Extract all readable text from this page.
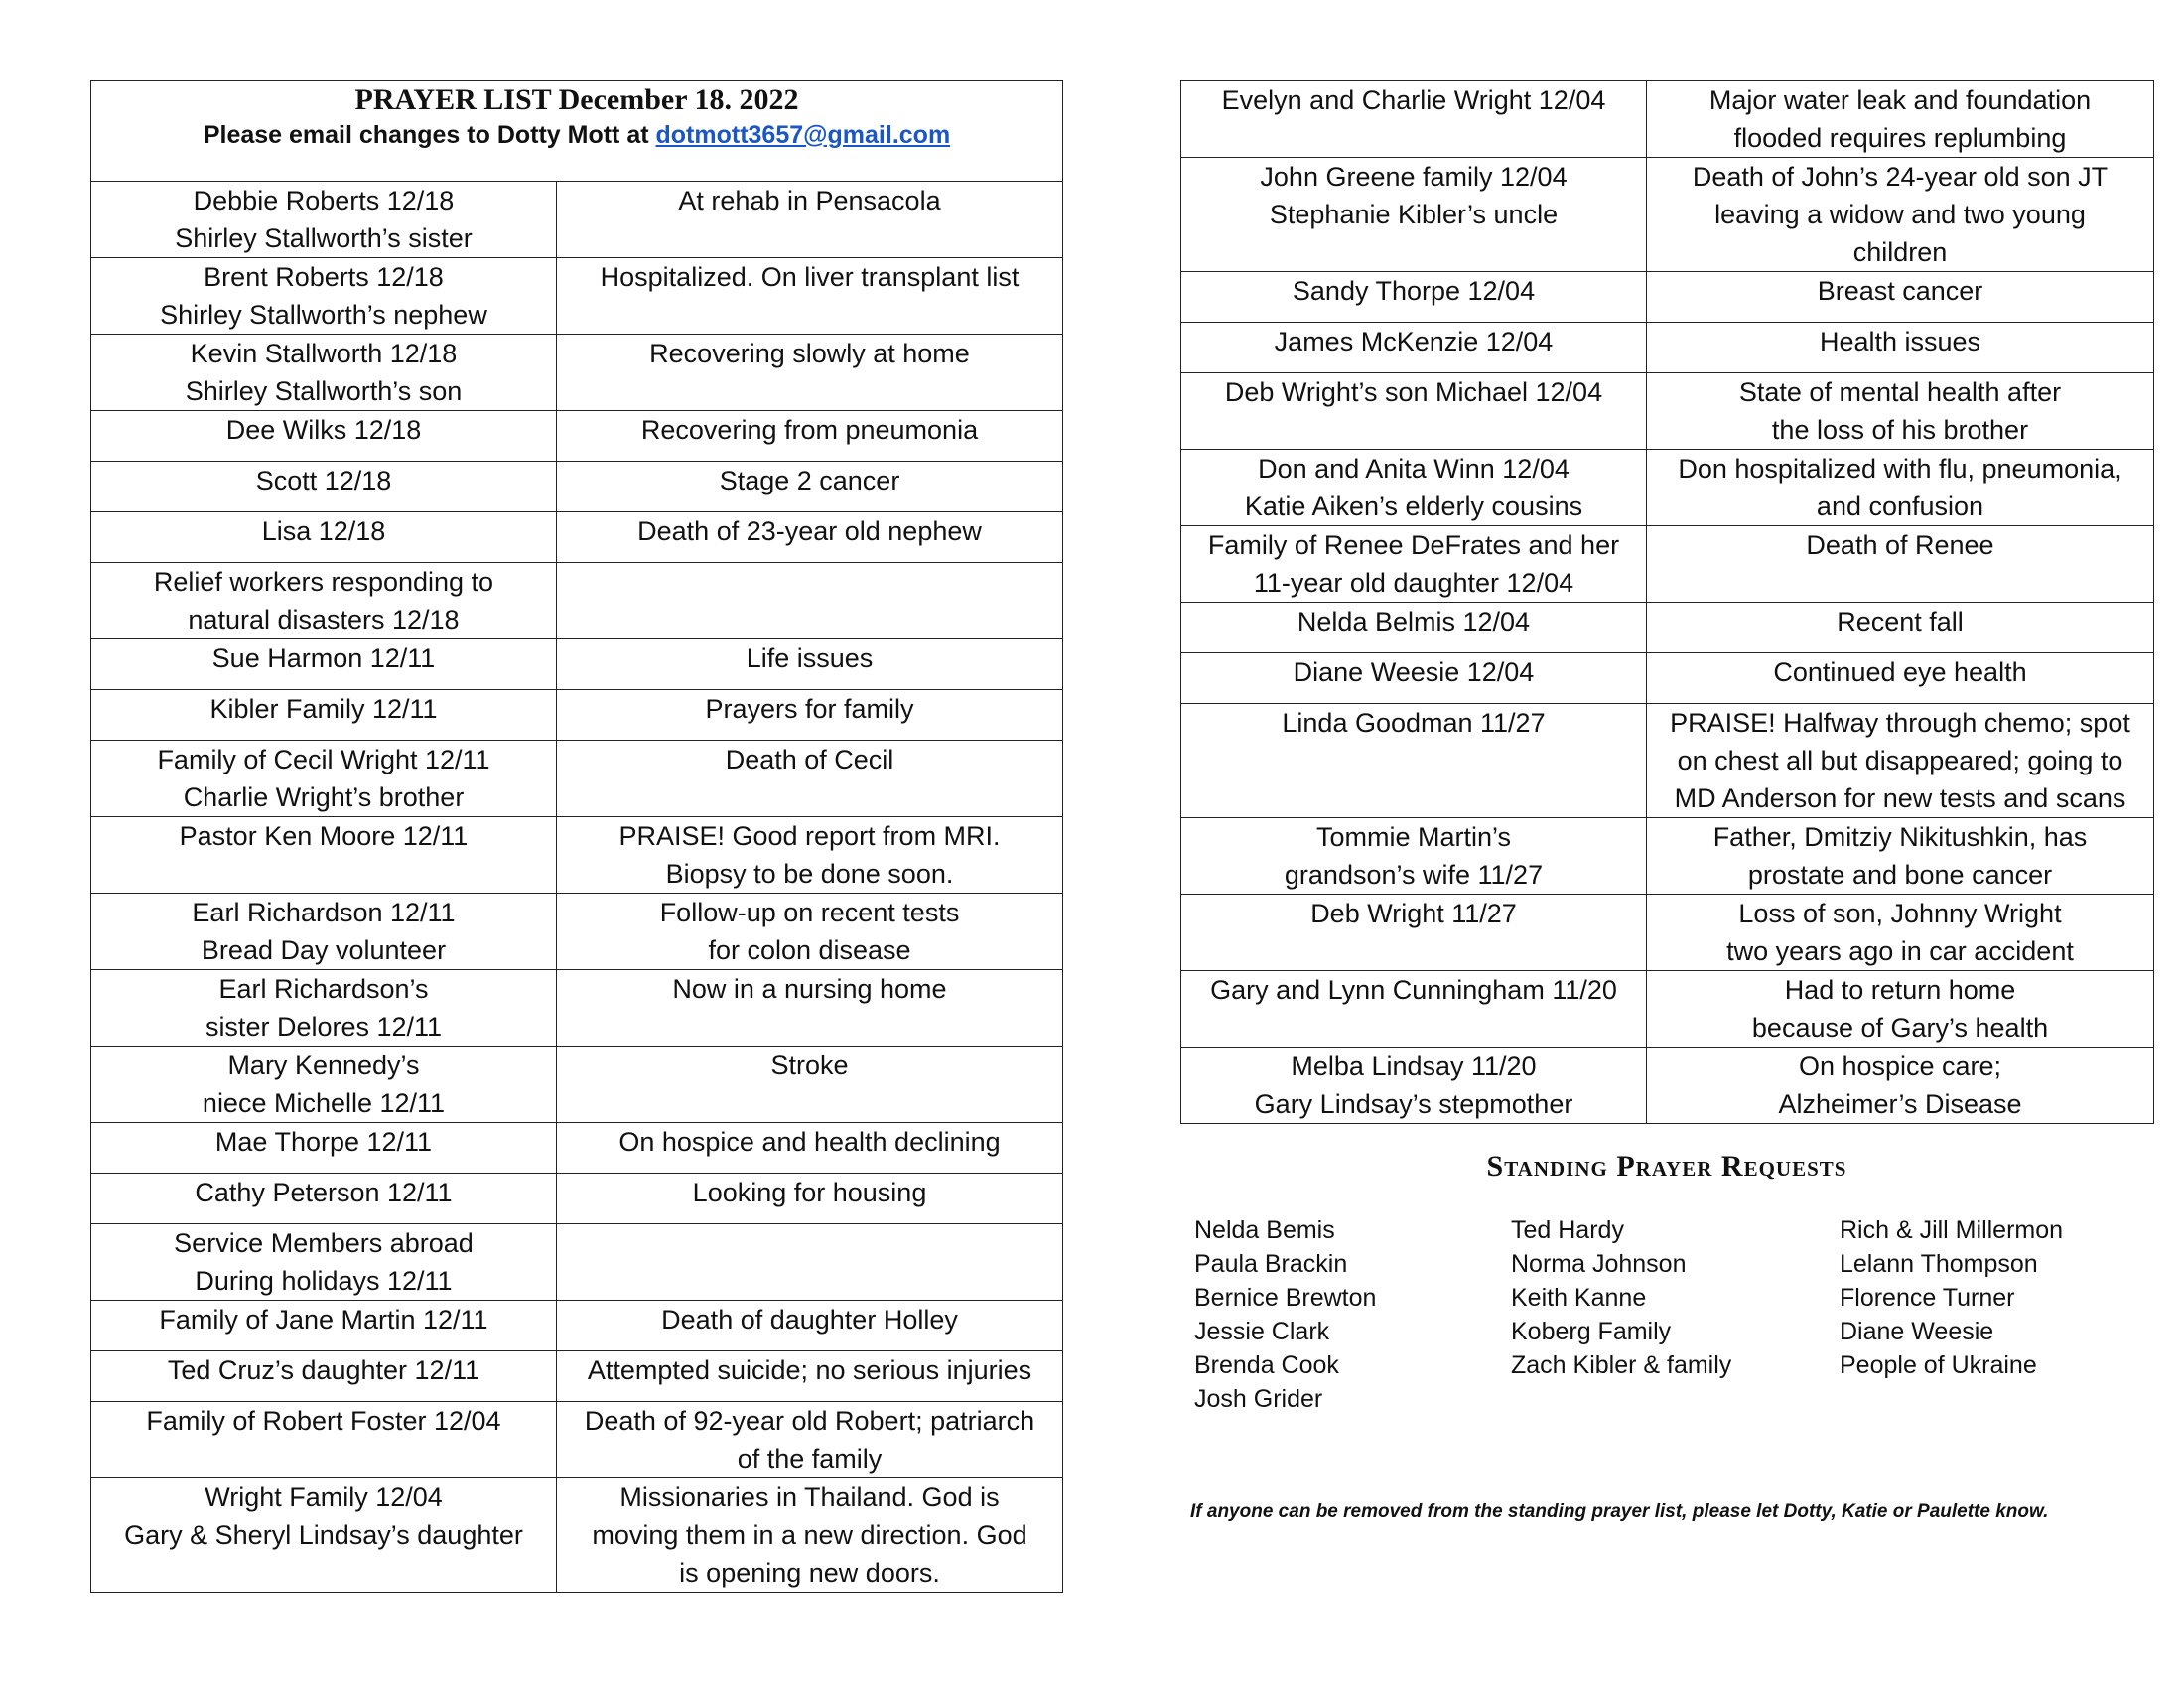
PRAYER LIST December 18. 2022
Please email changes to Dotty Mott at dotmott3657@gmail.com	

Debbie Roberts 12/18
Shirley Stallworth’s sister	At rehab in Pensacola

Brent Roberts 12/18
Shirley Stallworth’s nephew	Hospitalized. On liver transplant list

Kevin Stallworth 12/18
Shirley Stallworth’s son	Recovering slowly at home

Dee Wilks 12/18	Recovering from pneumonia

Scott 12/18	Stage 2 cancer

Lisa 12/18	Death of 23-year old nephew

Relief workers responding to
natural disasters 12/18	

Sue Harmon 12/11	Life issues

Kibler Family 12/11	Prayers for family

Family of Cecil Wright 12/11
Charlie Wright’s brother	Death of Cecil

Pastor Ken Moore 12/11	PRAISE! Good report from MRI.
Biopsy to be done soon.

Earl Richardson 12/11
Bread Day volunteer	Follow-up on recent tests
for colon disease

Earl Richardson’s
sister Delores 12/11	Now in a nursing home

Mary Kennedy’s
niece Michelle 12/11	Stroke

Mae Thorpe 12/11	On hospice and health declining

Cathy Peterson 12/11	Looking for housing

Service Members abroad
During holidays 12/11	

Family of Jane Martin 12/11	Death of daughter Holley

Ted Cruz’s daughter 12/11	Attempted suicide; no serious injuries

Family of Robert Foster 12/04	Death of 92-year old Robert; patriarch
of the family

Wright Family 12/04
Gary & Sheryl Lindsay’s daughter	Missionaries in Thailand. God is
moving them in a new direction. God
is opening new doors.
Evelyn and Charlie Wright 12/04	Major water leak and foundation
flooded requires replumbing

John Greene family 12/04
Stephanie Kibler’s uncle	Death of John’s 24-year old son JT
leaving a widow and two young
children

Sandy Thorpe 12/04	Breast cancer

James McKenzie 12/04	Health issues

Deb Wright’s son Michael 12/04	State of mental health after
the loss of his brother

Don and Anita Winn 12/04
Katie Aiken’s elderly cousins	Don hospitalized with flu, pneumonia,
and confusion

Family of Renee DeFrates and her
11-year old daughter 12/04	Death of Renee

Nelda Belmis 12/04	Recent fall

Diane Weesie 12/04	Continued eye health

Linda Goodman 11/27	PRAISE! Halfway through chemo; spot
on chest all but disappeared; going to
MD Anderson for new tests and scans

Tommie Martin’s
grandson’s wife 11/27	Father, Dmitziy Nikitushkin, has
prostate and bone cancer

Deb Wright 11/27	Loss of son, Johnny Wright
two years ago in car accident

Gary and Lynn Cunningham 11/20	Had to return home
because of Gary’s health

Melba Lindsay 11/20
Gary Lindsay’s stepmother	On hospice care;
Alzheimer’s Disease
Standing Prayer Requests
Nelda Bemis
Paula Brackin
Bernice Brewton
Jessie Clark
Brenda Cook
Josh Grider
Ted Hardy
Norma Johnson
Keith Kanne
Koberg Family
Zach Kibler & family
Rich & Jill Millermon
Lelann Thompson
Florence Turner
Diane Weesie
People of Ukraine
If anyone can be removed from the standing prayer list, please let Dotty, Katie or Paulette know.
